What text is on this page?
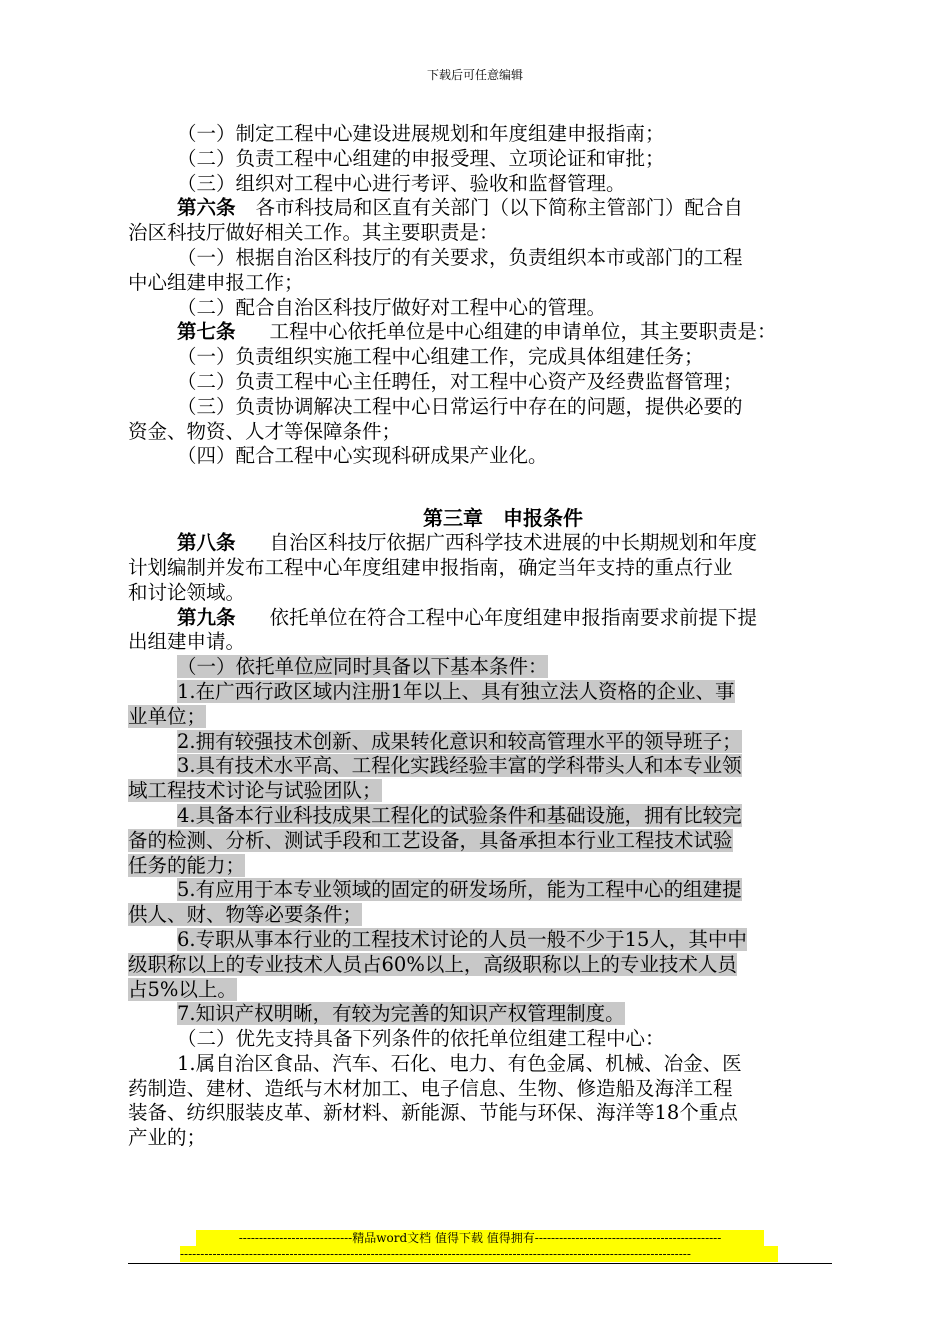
下载后可任意编辑
（一）制定工程中心建设进展规划和年度组建申报指南；
（二）负责工程中心组建的申报受理、立项论证和审批；
（三）组织对工程中心进行考评、验收和监督管理。
第六条 各市科技局和区直有关部门（以下简称主管部门）配合自
治区科技厅做好相关工作。其主要职责是：
（一）根据自治区科技厅的有关要求，负责组织本市或部门的工程
中心组建申报工作；
（二）配合自治区科技厅做好对工程中心的管理。
第七条 工程中心依托单位是中心组建的申请单位，其主要职责是：
（一）负责组织实施工程中心组建工作，完成具体组建任务；
（二）负责工程中心主任聘任，对工程中心资产及经费监督管理；
（三）负责协调解决工程中心日常运行中存在的问题，提供必要的
资金、物资、人才等保障条件；
（四）配合工程中心实现科研成果产业化。
第三章　申报条件
第八条 自治区科技厅依据广西科学技术进展的中长期规划和年度
计划编制并发布工程中心年度组建申报指南，确定当年支持的重点行业
和讨论领域。
第九条 依托单位在符合工程中心年度组建申报指南要求前提下提
出组建申请。
（一）依托单位应同时具备以下基本条件：
1.在广西行政区域内注册1年以上、具有独立法人资格的企业、事
业单位；
2.拥有较强技术创新、成果转化意识和较高管理水平的领导班子；
3.具有技术水平高、工程化实践经验丰富的学科带头人和本专业领
域工程技术讨论与试验团队；
4.具备本行业科技成果工程化的试验条件和基础设施，拥有比较完
备的检测、分析、测试手段和工艺设备，具备承担本行业工程技术试验
任务的能力；
5.有应用于本专业领域的固定的研发场所，能为工程中心的组建提
供人、财、物等必要条件；
6.专职从事本行业的工程技术讨论的人员一般不少于15人，其中中
级职称以上的专业技术人员占60%以上，高级职称以上的专业技术人员
占5%以上。
7.知识产权明晰，有较为完善的知识产权管理制度。
（二）优先支持具备下列条件的依托单位组建工程中心：
1.属自治区食品、汽车、石化、电力、有色金属、机械、冶金、医
药制造、建材、造纸与木材加工、电子信息、生物、修造船及海洋工程
装备、纺织服装皮革、新材料、新能源、节能与环保、海洋等18个重点
产业的；
----------------------------精品word文档 值得下载 值得拥有----------------------------------------------
------------------------------------------------------------------------------------------------------------------------------
